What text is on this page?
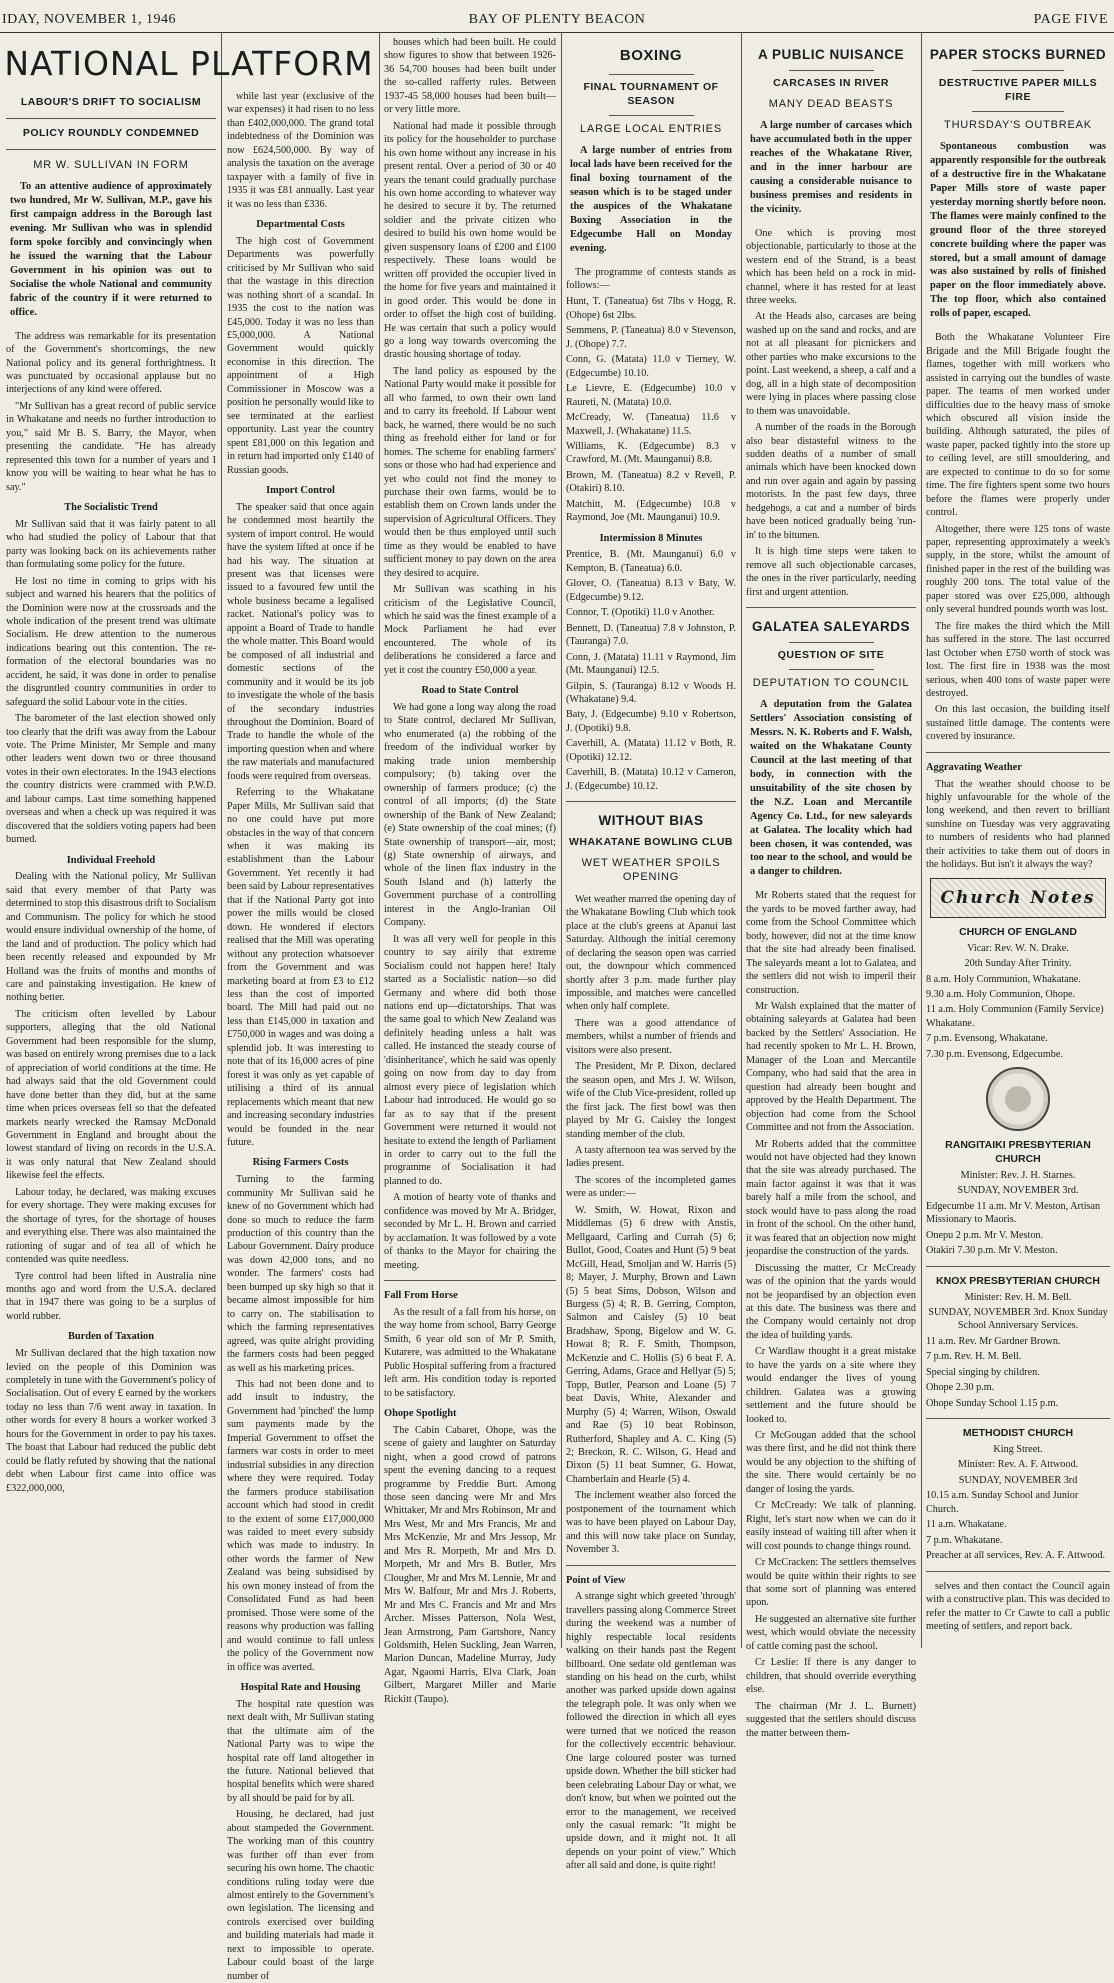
IDAY, NOVEMBER 1, 1946	BAY OF PLENTY BEACON	PAGE FIVE
NATIONAL PLATFORM
LABOUR'S DRIFT TO SOCIALISM
POLICY ROUNDLY CONDEMNED
MR W. SULLIVAN IN FORM
To an attentive audience of approximately two hundred, Mr W. Sullivan, M.P., gave his first campaign address in the Borough last evening. Mr Sullivan who was in splendid form spoke forcibly and convincingly when he issued the warning that the Labour Government in his opinion was out to Socialise the whole National and community fabric of the country if it were returned to office.

The address was remarkable for its presentation of the Government's shortcomings, the new National policy and its general forthrightness. It was punctuated by occasional applause but no interjections of any kind were offered.

"Mr Sullivan has a great record of public service in Whakatane and needs no further introduction to you," said Mr B. S. Barry, the Mayor, when presenting the candidate. "He has already represented this town for a number of years and I know you will be waiting to hear what he has to say."

The Socialistic Trend

Mr Sullivan said that it was fairly patent to all who had studied the policy of Labour that that party was looking back on its achievements rather than formulating some policy for the future.

He lost no time in coming to grips with his subject and warned his hearers that the politics of the Dominion were now at the crossroads and the whole indication of the present trend was ultimate Socialism. He drew attention to the numerous indications bearing out this contention. The re-formation of the electoral boundaries was no accident, he said, it was done in order to penalise the disgruntled country communities in order to safeguard the solid Labour vote in the cities.

The barometer of the last election showed only too clearly that the drift was away from the Labour vote. The Prime Minister, Mr Semple and many other leaders went down two or three thousand votes in their own electorates. In the 1943 elections the country districts were crammed with P.W.D. and labour camps. Last time something happened overseas and when a check up was required it was discovered that the soldiers voting papers had been burned.

Individual Freehold

Dealing with the National policy, Mr Sullivan said that every member of that Party was determined to stop this disastrous drift to Socialism and Communism. The policy for which he stood would ensure individual ownership of the home, of the land and of production. The policy which had been recently released and expounded by Mr Holland was the fruits of months and months of care and painstaking investigation. He knew of nothing better.

The criticism often levelled by Labour supporters, alleging that the old National Government had been responsible for the slump, was based on entirely wrong premises due to a lack of appreciation of world conditions at the time. He had always said that the old Government could have done better than they did, but at the same time when prices overseas fell so that the defeated markets nearly wrecked the Ramsay McDonald Government in England and brought about the lowest standard of living on records in the U.S.A. it was only natural that New Zealand should likewise feel the effects.

Labour today, he declared, was making excuses for every shortage. They were making excuses for the shortage of tyres, for the shortage of houses and everything else. There was also maintained the rationing of sugar and of tea all of which he contended was quite needless.

Tyre control had been lifted in Australia nine months ago and word from the U.S.A. declared that in 1947 there was going to be a surplus of world rubber.

Burden of Taxation

Mr Sullivan declared that the high taxation now levied on the people of this Dominion was completely in tune with the Government's policy of Socialisation. Out of every £ earned by the workers today no less than 7/6 went away in taxation. In other words for every 8 hours a worker worked 3 hours for the Government in order to pay his taxes. The boast that Labour had reduced the public debt could be flatly refuted by showing that the national debt when Labour first came into office was £322,000,000,

while last year (exclusive of the war expenses) it had risen to no less than £402,000,000. The grand total indebtedness of the Dominion was now £624,500,000. By way of analysis the taxation on the average taxpayer with a family of five in 1935 it was £81 annually. Last year it was no less than £336.

Departmental Costs

The high cost of Government Departments was powerfully criticised by Mr Sullivan who said that the wastage in this direction was nothing short of a scandal. In 1935 the cost to the nation was £45,000. Today it was no less than £5,000,000. A National Government would quickly economise in this direction. The appointment of a High Commissioner in Moscow was a position he personally would like to see terminated at the earliest opportunity. Last year the country spent £81,000 on this legation and in return had imported only £140 of Russian goods.

Import Control

The speaker said that once again he condemned most heartily the system of import control. He would have the system lifted at once if he had his way. The situation at present was that licenses were issued to a favoured few until the whole business became a legalised racket. National's policy was to appoint a Board of Trade to handle the whole matter. This Board would be composed of all industrial and domestic sections of the community and it would be its job to investigate the whole of the basis of the secondary industries throughout the Dominion. Board of Trade to handle the whole of the importing question when and where the raw materials and manufactured foods were required from overseas.

Referring to the Whakatane Paper Mills, Mr Sullivan said that no one could have put more obstacles in the way of that concern when it was making its establishment than the Labour Government. Yet recently it had been said by Labour representatives that if the National Party got into power the mills would be closed down. He wondered if electors realised that the Mill was operating without any protection whatsoever from the Government and was marketing board at from £3 to £12 less than the cost of imported board. The Mill had paid out no less than £145,000 in taxation and £750,000 in wages and was doing a splendid job. It was interesting to note that of its 16,000 acres of pine forest it was only as yet capable of utilising a third of its annual replacements which meant that new and increasing secondary industries would be founded in the near future.

Rising Farmers Costs

Turning to the farming community Mr Sullivan said he knew of no Government which had done so much to reduce the farm production of this country than the Labour Government. Dairy produce was down 42,000 tons, and no wonder. The farmers' costs had been bumped up sky high so that it became almost impossible for him to carry on. The stabilisation to which the farming representatives agreed, was quite alright providing the farmers costs had been pegged as well as his marketing prices.

This had not been done and to add insult to industry, the Government had 'pinched' the lump sum payments made by the Imperial Government to offset the farmers war costs in order to meet industrial subsidies in any direction where they were required. Today the farmers produce stabilisation account which had stood in credit to the extent of some £17,000,000 was raided to meet every subsidy which was made to industry. In other words the farmer of New Zealand was being subsidised by his own money instead of from the Consolidated Fund as had been promised. Those were some of the reasons why production was falling and would continue to fall unless the policy of the Government now in office was averted.

Hospital Rate and Housing

The hospital rate question was next dealt with, Mr Sullivan stating that the ultimate aim of the National Party was to wipe the hospital rate off land altogether in the future. National believed that hospital benefits which were shared by all should be paid for by all.

Housing, he declared, had just about stampeded the Government. The working man of this country was further off than ever from securing his own home. The chaotic conditions ruling today were due almost entirely to the Government's own legislation. The licensing and controls exercised over building and building materials had made it next to impossible to operate. Labour could boast of the large number of

houses which had been built. He could show figures to show that between 1926-36 54,700 houses had been built under the so-called rafferty rules. Between 1937-45 58,000 houses had been built—or very little more.

National had made it possible through its policy for the householder to purchase his own home without any increase in his present rental. Over a period of 30 or 40 years the tenant could gradually purchase his own home according to whatever way he desired to secure it by. The returned soldier and the private citizen who desired to build his own home would be given suspensory loans of £200 and £100 respectively. These loans would be written off provided the occupier lived in the home for five years and maintained it in good order. This would be done in order to offset the high cost of building. He was certain that such a policy would go a long way towards overcoming the drastic housing shortage of today.

The land policy as espoused by the National Party would make it possible for all who farmed, to own their own land and to carry its freehold. If Labour went back, he warned, there would be no such thing as freehold either for land or for homes. The scheme for enabling farmers' sons or those who had had experience and yet who could not find the money to purchase their own farms, would be to establish them on Crown lands under the supervision of Agricultural Officers. They would then be thus employed until such time as they would be enabled to have sufficient money to pay down on the area they desired to acquire.

Mr Sullivan was scathing in his criticism of the Legislative Council, which he said was the finest example of a Mock Parliament he had ever encountered. The whole of its deliberations he considered a farce and yet it cost the country £50,000 a year.

Road to State Control

We had gone a long way along the road to State control, declared Mr Sullivan, who enumerated (a) the robbing of the freedom of the individual worker by making trade union membership compulsory; (b) taking over the ownership of farmers produce; (c) the control of all imports; (d) the State ownership of the Bank of New Zealand; (e) State ownership of the coal mines; (f) State ownership of transport—air, most; (g) State ownership of airways, and whole of the linen flax industry in the South Island and (h) latterly the Government purchase of a controlling interest in the Anglo-Iranian Oil Company.

It was all very well for people in this country to say airily that extreme Socialism could not happen here! Italy started as a Socialistic nation—so did Germany and where did both those nations end up—dictatorships. That was the same goal to which New Zealand was definitely heading unless a halt was called. He instanced the steady course of 'disinheritance', which he said was openly going on now from day to day from almost every piece of legislation which Labour had introduced. He would go so far as to say that if the present Government were returned it would not hesitate to extend the length of Parliament in order to carry out to the full the programme of Socialisation it had planned to do.

A motion of hearty vote of thanks and confidence was moved by Mr A. Bridger, seconded by Mr L. H. Brown and carried by acclamation. It was followed by a vote of thanks to the Mayor for chairing the meeting.

Fall From Horse

As the result of a fall from his horse, on the way home from school, Barry George Smith, 6 year old son of Mr P. Smith, Kutarere, was admitted to the Whakatane Public Hospital suffering from a fractured left arm. His condition today is reported to be satisfactory.

Ohope Spotlight

The Cabin Cabaret, Ohope, was the scene of gaiety and laughter on Saturday night, when a good crowd of patrons spent the evening dancing to a request programme by Freddie Burt. Among those seen dancing were Mr and Mrs Whittaker, Mr and Mrs Robinson, Mr and Mrs West, Mr and Mrs Francis, Mr and Mrs McKenzie, Mr and Mrs Jessop, Mr and Mrs R. Morpeth, Mr and Mrs D. Morpeth, Mr and Mrs B. Butler, Mrs Clougher, Mr and Mrs M. Lennie, Mr and Mrs W. Balfour, Mr and Mrs J. Roberts, Mr and Mrs C. Francis and Mr and Mrs Archer. Misses Patterson, Nola West, Jean Armstrong, Pam Gartshore, Nancy Goldsmith, Helen Suckling, Jean Warren, Marion Duncan, Madeline Murray, Judy Agar, Ngaomi Harris, Elva Clark, Joan Gilbert, Margaret Miller and Marie Rickitt (Taupo).

BOXING
FINAL TOURNAMENT OF SEASON
LARGE LOCAL ENTRIES
A large number of entries from local lads have been received for the final boxing tournament of the season which is to be staged under the auspices of the Whakatane Boxing Association in the Edgecumbe Hall on Monday evening.

The programme of contests stands as follows:—

Hunt, T. (Taneatua) 6st 7lbs v Hogg, R. (Ohope) 6st 2lbs.

Semmens, P. (Taneatua) 8.0 v Stevenson, J. (Ohope) 7.7.

Conn, G. (Matata) 11.0 v Tierney, W. (Edgecumbe) 10.10.

Le Lievre, E. (Edgecumbe) 10.0 v Raureti, N. (Matata) 10.0.

McCready, W. (Taneatua) 11.6 v Maxwell, J. (Whakatane) 11.5.

Williams, K. (Edgecumbe) 8.3 v Crawford, M. (Mt. Maunganui) 8.8.

Brown, M. (Taneatua) 8.2 v Revell, P. (Otakiri) 8.10.

Matchitt, M. (Edgecumbe) 10.8 v Raymond, Joe (Mt. Maunganui) 10.9.

Intermission 8 Minutes

Prentice, B. (Mt. Maunganui) 6.0 v Kempton, B. (Taneatua) 6.0.

Glover, O. (Taneatua) 8.13 v Baty, W. (Edgecumbe) 9.12.

Connor, T. (Opotiki) 11.0 v Another.

Bennett, D. (Taneatua) 7.8 v Johnston, P. (Tauranga) 7.0.

Conn, J. (Matata) 11.11 v Raymond, Jim (Mt. Maunganui) 12.5.

Gilpin, S. (Tauranga) 8.12 v Woods H. (Whakatane) 9.4.

Baty, J. (Edgecumbe) 9.10 v Robertson, J. (Opotiki) 9.8.

Caverhill, A. (Matata) 11.12 v Both, R. (Opotiki) 12.12.

Caverhill, B. (Matata) 10.12 v Cameron, J. (Edgecumbe) 10.12.

WITHOUT BIAS
WHAKATANE BOWLING CLUB
WET WEATHER SPOILS OPENING

Wet weather marred the opening day of the Whakatane Bowling Club which took place at the club's greens at Apanui last Saturday. Although the initial ceremony of declaring the season open was carried out, the downpour which commenced shortly after 3 p.m. made further play impossible, and matches were cancelled when only half complete.

There was a good attendance of members, whilst a number of friends and visitors were also present.

The President, Mr P. Dixon, declared the season open, and Mrs J. W. Wilson, wife of the Club Vice-president, rolled up the first jack. The first bowl was then played by Mr G. Caisley the longest standing member of the club.

A tasty afternoon tea was served by the ladies present.

The scores of the incompleted games were as under:—

W. Smith, W. Howat, Rixon and Middlemas (5) 6 drew with Anstis, Mellgaard, Carling and Currah (5) 6; Bullot, Good, Coates and Hunt (5) 9 beat McGill, Head, Smoljan and W. Harris (5) 8; Mayer, J. Murphy, Brown and Lawn (5) 5 beat Sims, Dobson, Wilson and Burgess (5) 4; R. B. Gerring, Compton, Salmon and Caisley (5) 10 beat Bradshaw, Spong, Bigelow and W. G. Howat 8; R. F. Smith, Thompson, McKenzie and C. Hollis (5) 6 beat F. A. Gerring, Adams, Grace and Hellyar (5) 5; Topp, Butler, Pearson and Loane (5) 7 beat Davis, White, Alexander and Murphy (5) 4; Warren, Wilson, Oswald and Rae (5) 10 beat Robinson, Rutherford, Shapley and A. C. King (5) 2; Breckon, R. C. Wilson, G. Head and Dixon (5) 11 beat Sumner, G. Howat, Chamberlain and Hearle (5) 4.

The inclement weather also forced the postponement of the tournament which was to have been played on Labour Day, and this will now take place on Sunday, November 3.

Point of View

A strange sight which greeted 'through' travellers passing along Commerce Street during the weekend was a number of highly respectable local residents walking on their hands past the Regent billboard. One sedate old gentleman was standing on his head on the curb, whilst another was parked upside down against the telegraph pole. It was only when we followed the direction in which all eyes were turned that we noticed the reason for the collectively eccentric behaviour. One large coloured poster was turned upside down. Whether the bill sticker had been celebrating Labour Day or what, we don't know, but when we pointed out the error to the management, we received only the casual remark: "It might be upside down, and it might not. It all depends on your point of view." Which after all said and done, is quite right!

A PUBLIC NUISANCE
CARCASES IN RIVER
MANY DEAD BEASTS
A large number of carcases which have accumulated both in the upper reaches of the Whakatane River, and in the inner harbour are causing a considerable nuisance to business premises and residents in the vicinity.

One which is proving most objectionable, particularly to those at the western end of the Strand, is a beast which has been held on a rock in mid-channel, where it has rested for at least three weeks.

At the Heads also, carcases are being washed up on the sand and rocks, and are not at all pleasant for picnickers and other parties who make excursions to the point. Last weekend, a sheep, a calf and a dog, all in a high state of decomposition were lying in places where passing close to them was unavoidable.

A number of the roads in the Borough also bear distasteful witness to the sudden deaths of a number of small animals which have been knocked down and run over again and again by passing motorists. In the past few days, three hedgehogs, a cat and a number of birds have been noticed gradually being 'run-in' to the bitumen.

It is high time steps were taken to remove all such objectionable carcases, the ones in the river particularly, needing first and urgent attention.

GALATEA SALEYARDS
QUESTION OF SITE
DEPUTATION TO COUNCIL
A deputation from the Galatea Settlers' Association consisting of Messrs. N. K. Roberts and F. Walsh, waited on the Whakatane County Council at the last meeting of that body, in connection with the unsuitability of the site chosen by the N.Z. Loan and Mercantile Agency Co. Ltd., for new saleyards at Galatea. The locality which had been chosen, it was contended, was too near to the school, and would be a danger to children.

Mr Roberts stated that the request for the yards to be moved farther away, had come from the School Committee which body, however, did not at the time know that the site had already been finalised. The saleyards meant a lot to Galatea, and the settlers did not wish to imperil their construction.

Mr Walsh explained that the matter of obtaining saleyards at Galatea had been backed by the Settlers' Association. He had recently spoken to Mr L. H. Brown, Manager of the Loan and Mercantile Company, who had said that the area in question had already been bought and approved by the Health Department. The objection had come from the School Committee and not from the Association.

Mr Roberts added that the committee would not have objected had they known that the site was already purchased. The main factor against it was that it was barely half a mile from the school, and stock would have to pass along the road in front of the school. On the other hand, it was feared that an objection now might jeopardise the construction of the yards.

Discussing the matter, Cr McCready was of the opinion that the yards would not be jeopardised by an objection even at this date. The business was there and the Company would certainly not drop the idea of building yards.

Cr Wardlaw thought it a great mistake to have the yards on a site where they would endanger the lives of young children. Galatea was a growing settlement and the future should be looked to.

Cr McGougan added that the school was there first, and he did not think there would be any objection to the shifting of the site. There would certainly be no danger of losing the yards.

Cr McCready: We talk of planning. Right, let's start now when we can do it easily instead of waiting till after when it will cost pounds to change things round.

Cr McCracken: The settlers themselves would be quite within their rights to see that some sort of planning was entered upon.

He suggested an alternative site further west, which would obviate the necessity of cattle coming past the school.

Cr Leslie: If there is any danger to children, that should override everything else.

The chairman (Mr J. L. Burnett) suggested that the settlers should discuss the matter between them-

PAPER STOCKS BURNED
DESTRUCTIVE PAPER MILLS FIRE
THURSDAY'S OUTBREAK
Spontaneous combustion was apparently responsible for the outbreak of a destructive fire in the Whakatane Paper Mills store of waste paper yesterday morning shortly before noon. The flames were mainly confined to the ground floor of the three storeyed concrete building where the paper was stored, but a small amount of damage was also sustained by rolls of finished paper on the floor immediately above. The top floor, which also contained rolls of paper, escaped.

Both the Whakatane Volunteer Fire Brigade and the Mill Brigade fought the flames, together with mill workers who assisted in carrying out the bundles of waste paper. The teams of men worked under difficulties due to the heavy mass of smoke which obscured all vision inside the building. Although saturated, the piles of waste paper, packed tightly into the store up to ceiling level, are still smouldering, and are expected to continue to do so for some time. The fire fighters spent some two hours before the flames were properly under control.

Altogether, there were 125 tons of waste paper, representing approximately a week's supply, in the store, whilst the amount of finished paper in the rest of the building was roughly 200 tons. The total value of the paper stored was over £25,000, although only several hundred pounds worth was lost.

The fire makes the third which the Mill has suffered in the store. The last occurred last October when £750 worth of stock was lost. The first fire in 1938 was the most serious, when 400 tons of waste paper were destroyed.

On this last occasion, the building itself sustained little damage. The contents were covered by insurance.

Aggravating Weather

That the weather should choose to be highly unfavourable for the whole of the long weekend, and then revert to brilliant sunshine on Tuesday was very aggravating to numbers of residents who had planned their activities to take them out of doors in the holidays. But isn't it always the way?

Church Notes

CHURCH OF ENGLAND

Vicar: Rev. W. N. Drake.

20th Sunday After Trinity.

8 a.m. Holy Communion, Whakatane.

9.30 a.m. Holy Communion, Ohope.

11 a.m. Holy Communion (Family Service) Whakatane.

7 p.m. Evensong, Whakatane.

7.30 p.m. Evensong, Edgecumbe.

RANGITAIKI PRESBYTERIAN CHURCH

Minister: Rev. J. H. Starnes.

SUNDAY, NOVEMBER 3rd.

Edgecumbe 11 a.m. Mr V. Meston, Artisan Missionary to Maoris.

Onepu 2 p.m. Mr V. Meston.

Otakiri 7.30 p.m. Mr V. Meston.

KNOX PRESBYTERIAN CHURCH

Minister: Rev. H. M. Bell.

SUNDAY, NOVEMBER 3rd. Knox Sunday School Anniversary Services.

11 a.m. Rev. Mr Gardner Brown.

7 p.m. Rev. H. M. Bell.

Special singing by children.

Ohope 2.30 p.m.

Ohope Sunday School 1.15 p.m.

METHODIST CHURCH

King Street.

Minister: Rev. A. F. Attwood.

SUNDAY, NOVEMBER 3rd

10.15 a.m. Sunday School and Junior Church.

11 a.m. Whakatane.

7 p.m. Whakatane.

Preacher at all services, Rev. A. F. Attwood.

selves and then contact the Council again with a constructive plan. This was decided to refer the matter to Cr Cawte to call a public meeting of settlers, and report back.
